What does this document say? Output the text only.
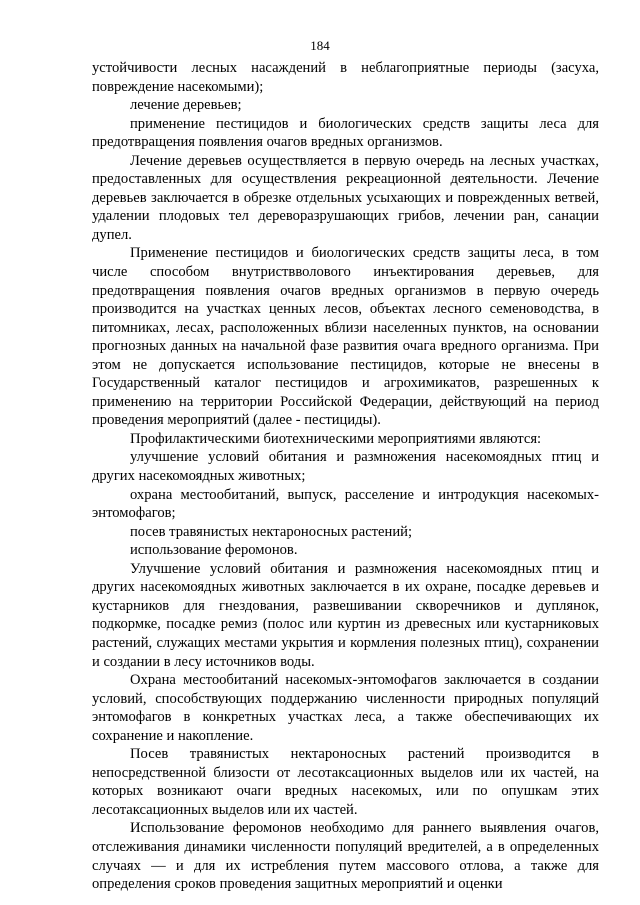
184

устойчивости лесных насаждений в неблагоприятные периоды (засуха, повреждение насекомыми);

лечение деревьев;

применение пестицидов и биологических средств защиты леса для предотвращения появления очагов вредных организмов.

Лечение деревьев осуществляется в первую очередь на лесных участках, предоставленных для осуществления рекреационной деятельности. Лечение деревьев заключается в обрезке отдельных усыхающих и поврежденных ветвей, удалении плодовых тел дереворазрушающих грибов, лечении ран, санации дупел.

Применение пестицидов и биологических средств защиты леса, в том числе способом внутриствволового инъектирования деревьев, для предотвращения появления очагов вредных организмов в первую очередь производится на участках ценных лесов, объектах лесного семеноводства, в питомниках, лесах, расположенных вблизи населенных пунктов, на основании прогнозных данных на начальной фазе развития очага вредного организма. При этом не допускается использование пестицидов, которые не внесены в Государственный каталог пестицидов и агрохимикатов, разрешенных к применению на территории Российской Федерации, действующий на период проведения мероприятий (далее - пестициды).

Профилактическими биотехническими мероприятиями являются:

улучшение условий обитания и размножения насекомоядных птиц и других насекомоядных животных;

охрана местообитаний, выпуск, расселение и интродукция насекомых-энтомофагов;

посев травянистых нектароносных растений;

использование феромонов.

Улучшение условий обитания и размножения насекомоядных птиц и других насекомоядных животных заключается в их охране, посадке деревьев и кустарников для гнездования, развешивании скворечников и дуплянок, подкормке, посадке ремиз (полос или куртин из древесных или кустарниковых растений, служащих местами укрытия и кормления полезных птиц), сохранении и создании в лесу источников воды.

Охрана местообитаний насекомых-энтомофагов заключается в создании условий, способствующих поддержанию численности природных популяций энтомофагов в конкретных участках леса, а также обеспечивающих их сохранение и накопление.

Посев травянистых нектароносных растений производится в непосредственной близости от лесотаксационных выделов или их частей, на которых возникают очаги вредных насекомых, или по опушкам этих лесотаксационных выделов или их частей.

Использование феромонов необходимо для раннего выявления очагов, отслеживания динамики численности популяций вредителей, а в определенных случаях — и для их истребления путем массового отлова, а также для определения сроков проведения защитных мероприятий и оценки
